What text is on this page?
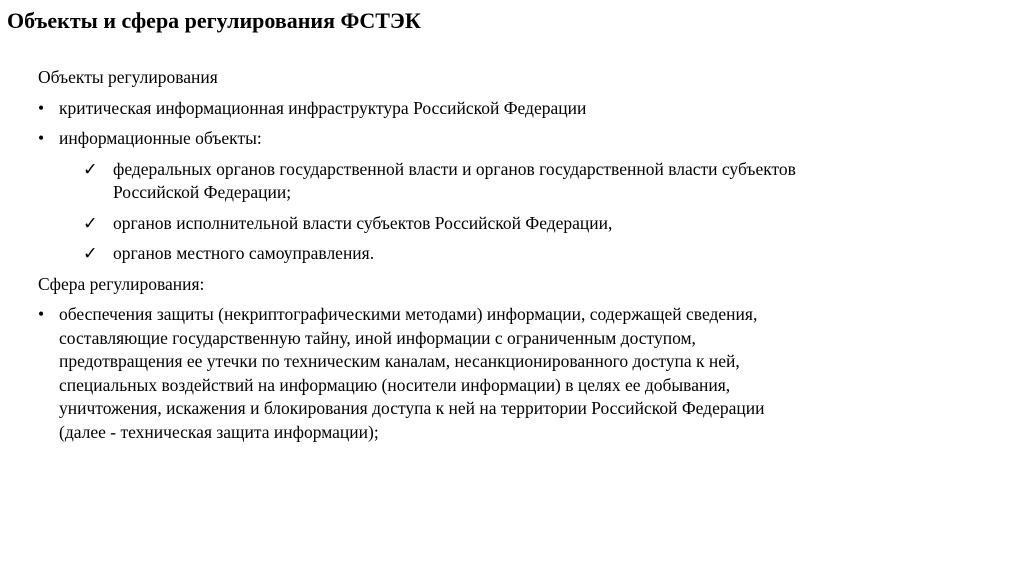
Объекты и сфера регулирования ФСТЭК
Объекты регулирования
• критическая информационная инфраструктура Российской Федерации
• информационные объекты:
✓ федеральных органов государственной власти и органов государственной власти субъектов
Российской Федерации;
✓ органов исполнительной власти субъектов Российской Федерации,
✓ органов местного самоуправления.
Сфера регулирования:
• обеспечения защиты (некриптографическими методами) информации, содержащей сведения,
составляющие государственную тайну, иной информации с ограниченным доступом,
предотвращения ее утечки по техническим каналам, несанкционированного доступа к ней,
специальных воздействий на информацию (носители информации) в целях ее добывания,
уничтожения, искажения и блокирования доступа к ней на территории Российской Федерации
(далее - техническая защита информации);
